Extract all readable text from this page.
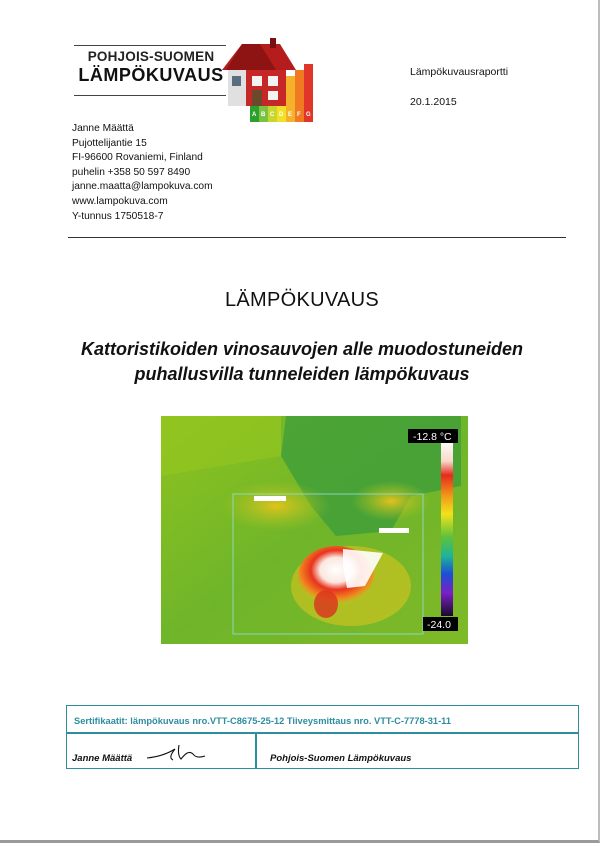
POHJOIS-SUOMEN
LÄMPÖKUVAUS
A B C D E F G
Lämpökuvausraportti
20.1.2015
Janne Määttä
Pujottelijantie 15
FI-96600 Rovaniemi, Finland
puhelin +358 50 597 8490
janne.maatta@lampokuva.com
www.lampokuva.com
Y-tunnus 1750518-7
LÄMPÖKUVAUS
Kattoristikoiden vinosauvojen alle muodostuneiden
puhallusvilla tunneleiden lämpökuvaus
-12.8 °C
-24.0
Sertifikaatit: lämpökuvaus nro.VTT-C8675-25-12 Tiiveysmittaus nro. VTT-C-7778-31-11
Janne Määttä	Pohjois-Suomen Lämpökuvaus
